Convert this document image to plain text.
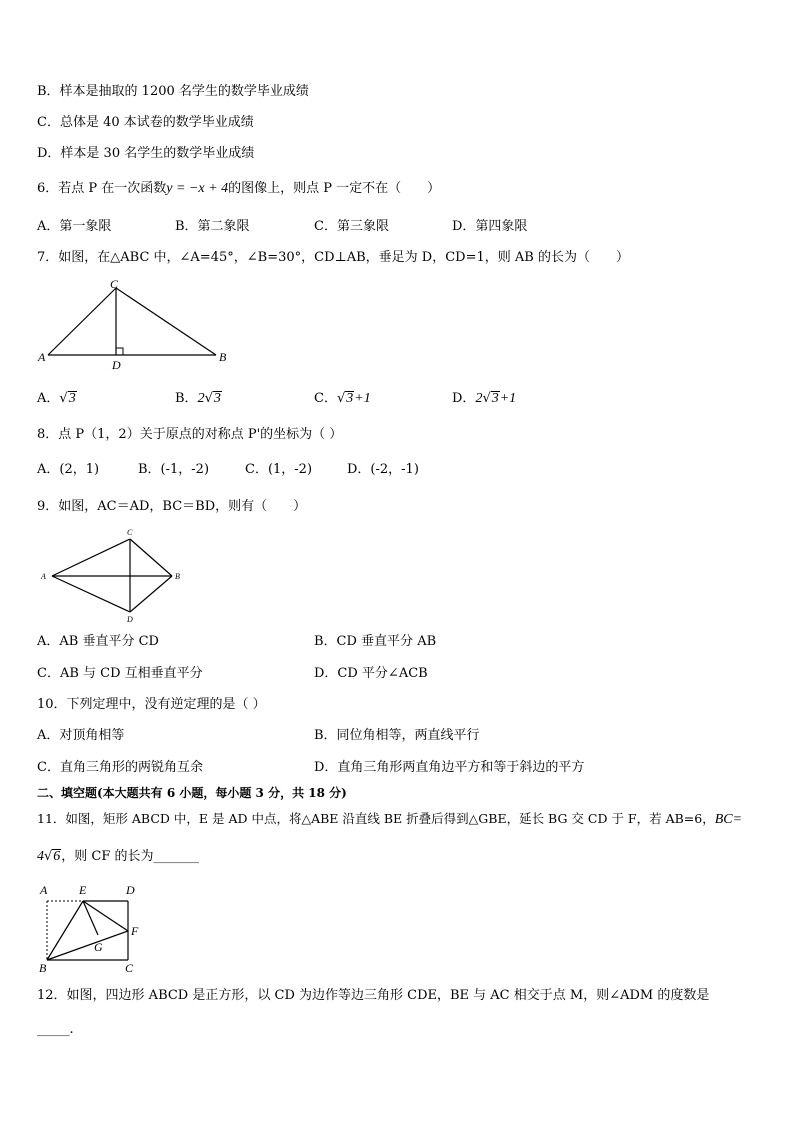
B．样本是抽取的 1200 名学生的数学毕业成绩
C．总体是 40 本试卷的数学毕业成绩
D．样本是 30 名学生的数学毕业成绩
6．若点 P 在一次函数y = −x + 4的图像上，则点 P 一定不在（　　）
A．第一象限	B．第二象限	C．第三象限	D．第四象限
7．如图，在△ABC 中，∠A=45°，∠B=30°，CD⊥AB，垂足为 D，CD=1，则 AB 的长为（　　）
A
C
B
D
A．√3	B．2√3	C．√3+1	D．2√3+1
8．点 P（1，2）关于原点的对称点 P'的坐标为（ ）
A．(2，1)	B．(-1，-2)	C．(1，-2)	D．(-2，-1)
9．如图，AC＝AD，BC＝BD，则有（　　）
A
C
B
D
A．AB 垂直平分 CD	B．CD 垂直平分 AB
C．AB 与 CD 互相垂直平分	D．CD 平分∠ACB
10．下列定理中，没有逆定理的是（ ）
A．对顶角相等	B．同位角相等，两直线平行
C．直角三角形的两锐角互余	D．直角三角形两直角边平方和等于斜边的平方
二、填空题(本大题共有 6 小题，每小题 3 分，共 18 分)
11．如图，矩形 ABCD 中，E 是 AD 中点，将△ABE 沿直线 BE 折叠后得到△GBE，延长 BG 交 CD 于 F，若 AB=6，BC=
4√6，则 CF 的长为_______
A	E	D
F
G
B	C
12．如图，四边形 ABCD 是正方形，以 CD 为边作等边三角形 CDE，BE 与 AC 相交于点 M，则∠ADM 的度数是
_____.
